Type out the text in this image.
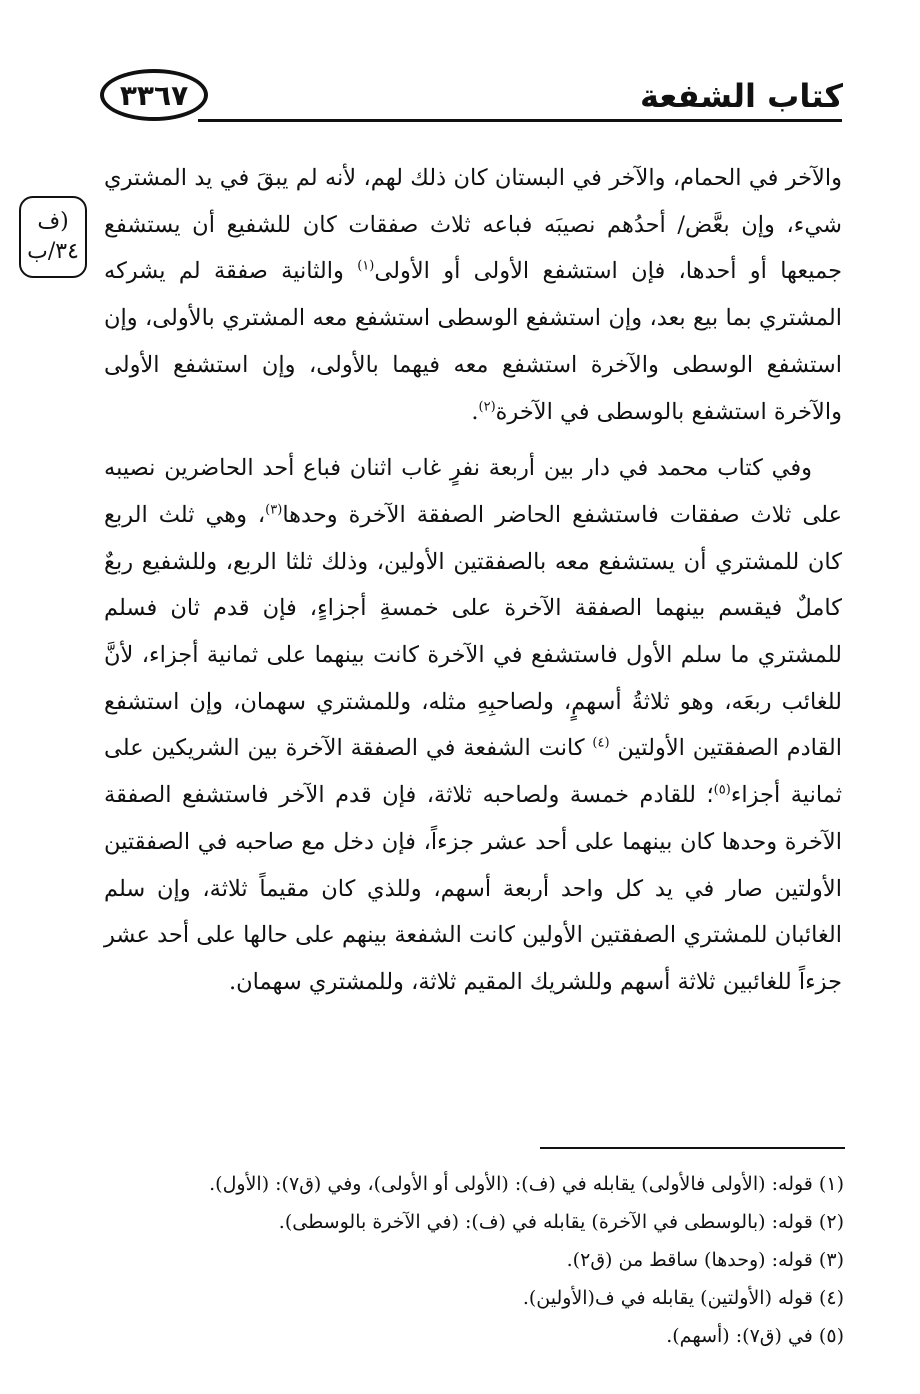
٣٣٦٧	كتاب الشفعة
(ف
٣٤/ب

والآخر في الحمام، والآخر في البستان كان ذلك لهم، لأنه لم يبقَ في يد المشتري شيء، وإن بعَّض/ أحدُهم نصيبَه فباعه ثلاث صفقات كان للشفيع أن يستشفع جميعها أو أحدها، فإن استشفع الأولى أو الأولى$^{(١)}$ والثانية صفقة لم يشركه المشتري بما بيع بعد، وإن استشفع الوسطى استشفع معه المشتري بالأولى، وإن استشفع الوسطى والآخرة استشفع معه فيهما بالأولى، وإن استشفع الأولى والآخرة استشفع بالوسطى في الآخرة$^{(٢)}$.

وفي كتاب محمد في دار بين أربعة نفرٍ غاب اثنان فباع أحد الحاضرين نصيبه على ثلاث صفقات فاستشفع الحاضر الصفقة الآخرة وحدها$^{(٣)}$، وهي ثلث الربع كان للمشتري أن يستشفع معه بالصفقتين الأولين، وذلك ثلثا الربع، وللشفيع ربعٌ كاملٌ فيقسم بينهما الصفقة الآخرة على خمسةِ أجزاءٍ، فإن قدم ثان فسلم للمشتري ما سلم الأول فاستشفع في الآخرة كانت بينهما على ثمانية أجزاء، لأنَّ للغائب ربعَه، وهو ثلاثةُ أسهمٍ، ولصاحبِهِ مثله، وللمشتري سهمان، وإن استشفع القادم الصفقتين الأولتين $^{(٤)}$ كانت الشفعة في الصفقة الآخرة بين الشريكين على ثمانية أجزاء$^{(٥)}$؛ للقادم خمسة ولصاحبه ثلاثة، فإن قدم الآخر فاستشفع الصفقة الآخرة وحدها كان بينهما على أحد عشر جزءاً، فإن دخل مع صاحبه في الصفقتين الأولتين صار في يد كل واحد أربعة أسهم، وللذي كان مقيماً ثلاثة، وإن سلم الغائبان للمشتري الصفقتين الأولين كانت الشفعة بينهم على حالها على أحد عشر جزءاً للغائبين ثلاثة أسهم وللشريك المقيم ثلاثة، وللمشتري سهمان.

(١) قوله: (الأولى فالأولى) يقابله في (ف): (الأولى أو الأولى)، وفي (ق٧): (الأول).
(٢) قوله: (بالوسطى في الآخرة) يقابله في (ف): (في الآخرة بالوسطى).
(٣) قوله: (وحدها) ساقط من (ق٢).
(٤) قوله (الأولتين) يقابله في ف(الأولين).
(٥) في (ق٧): (أسهم).
